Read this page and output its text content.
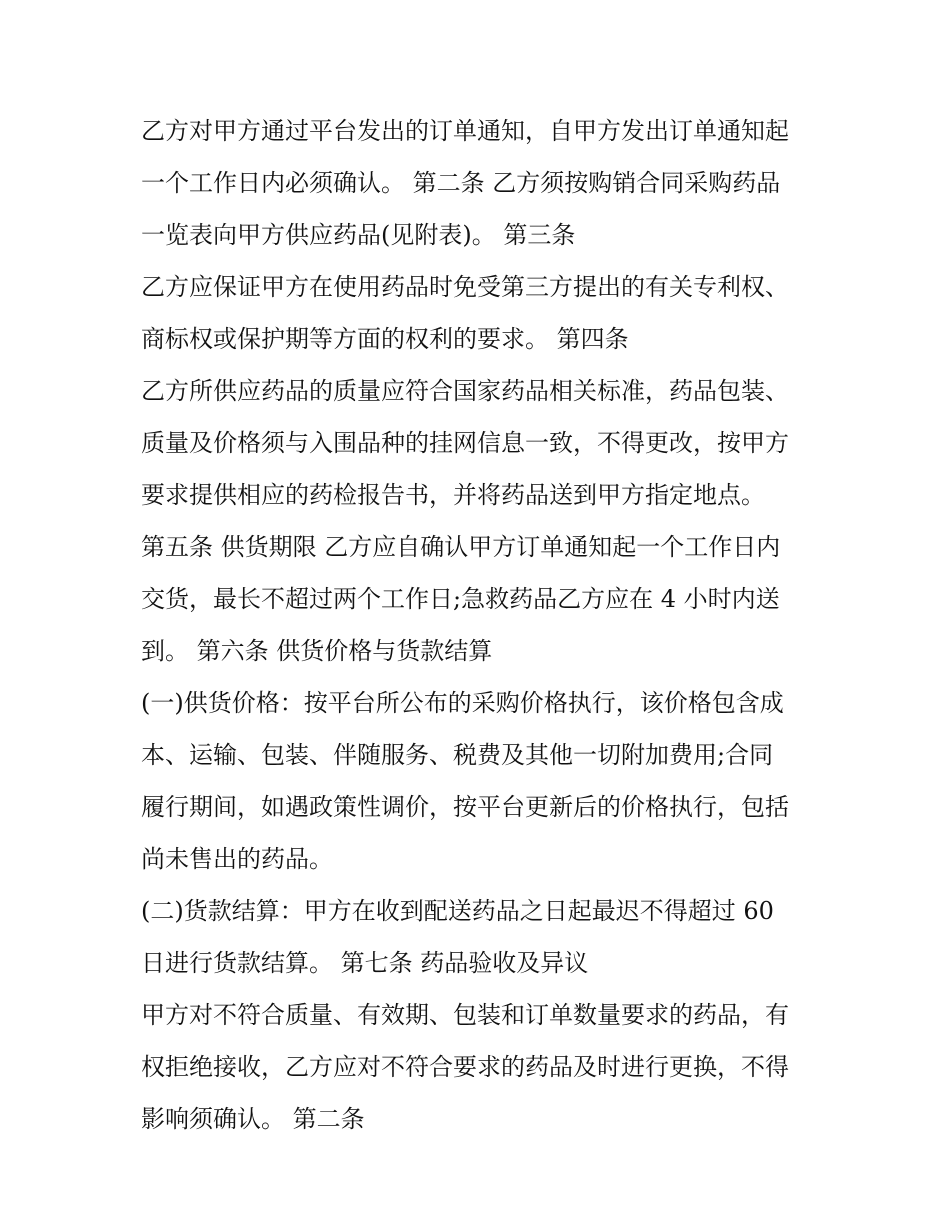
乙方对甲方通过平台发出的订单通知，自甲方发出订单通知起
一个工作日内必须确认。 第二条 乙方须按购销合同采购药品
一览表向甲方供应药品(见附表)。 第三条
乙方应保证甲方在使用药品时免受第三方提出的有关专利权、
商标权或保护期等方面的权利的要求。 第四条
乙方所供应药品的质量应符合国家药品相关标准，药品包装、
质量及价格须与入围品种的挂网信息一致，不得更改，按甲方
要求提供相应的药检报告书，并将药品送到甲方指定地点。
第五条 供货期限 乙方应自确认甲方订单通知起一个工作日内
交货，最长不超过两个工作日;急救药品乙方应在 4 小时内送
到。 第六条 供货价格与货款结算
(一)供货价格：按平台所公布的采购价格执行，该价格包含成
本、运输、包装、伴随服务、税费及其他一切附加费用;合同
履行期间，如遇政策性调价，按平台更新后的价格执行，包括
尚未售出的药品。
(二)货款结算：甲方在收到配送药品之日起最迟不得超过 60
日进行货款结算。 第七条 药品验收及异议
甲方对不符合质量、有效期、包装和订单数量要求的药品，有
权拒绝接收，乙方应对不符合要求的药品及时进行更换，不得
影响须确认。 第二条
